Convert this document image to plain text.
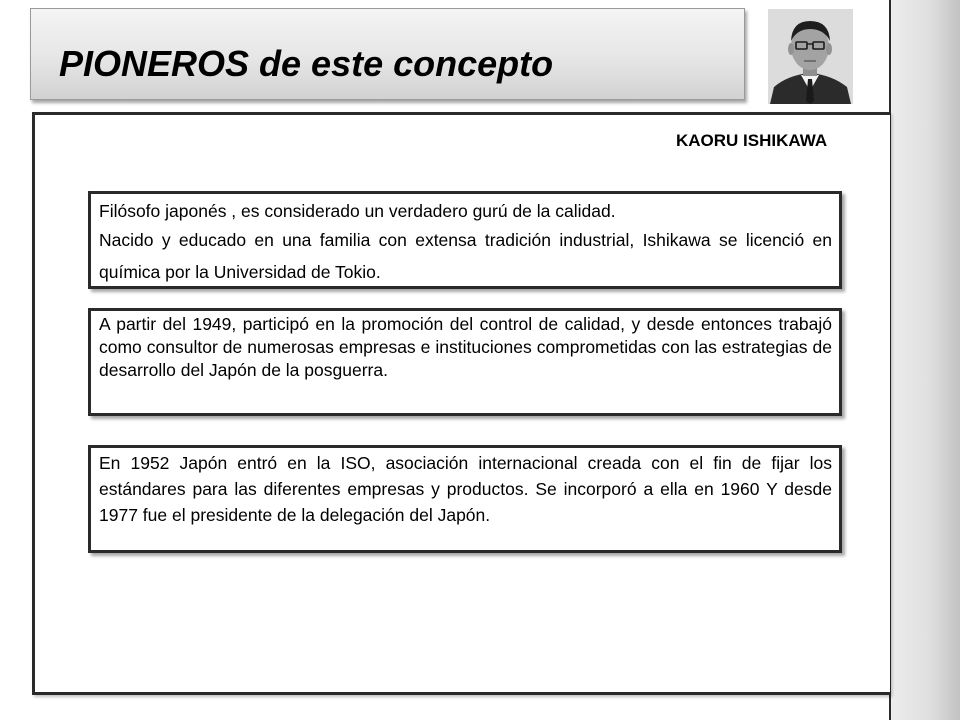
PIONEROS de este concepto
KAORU ISHIKAWA

Filósofo japonés , es considerado un verdadero gurú de la calidad.

Nacido y educado en una familia con extensa tradición industrial, Ishikawa se licenció en química por la Universidad de Tokio.

A partir del 1949, participó en la promoción del control de calidad, y desde entonces trabajó como consultor de numerosas empresas e instituciones comprometidas con las estrategias de desarrollo del Japón de la posguerra.

En 1952 Japón entró en la ISO, asociación internacional creada con el fin de fijar los estándares para las diferentes empresas y productos. Se incorporó a ella en 1960 Y desde 1977 fue el presidente de la delegación del Japón.
